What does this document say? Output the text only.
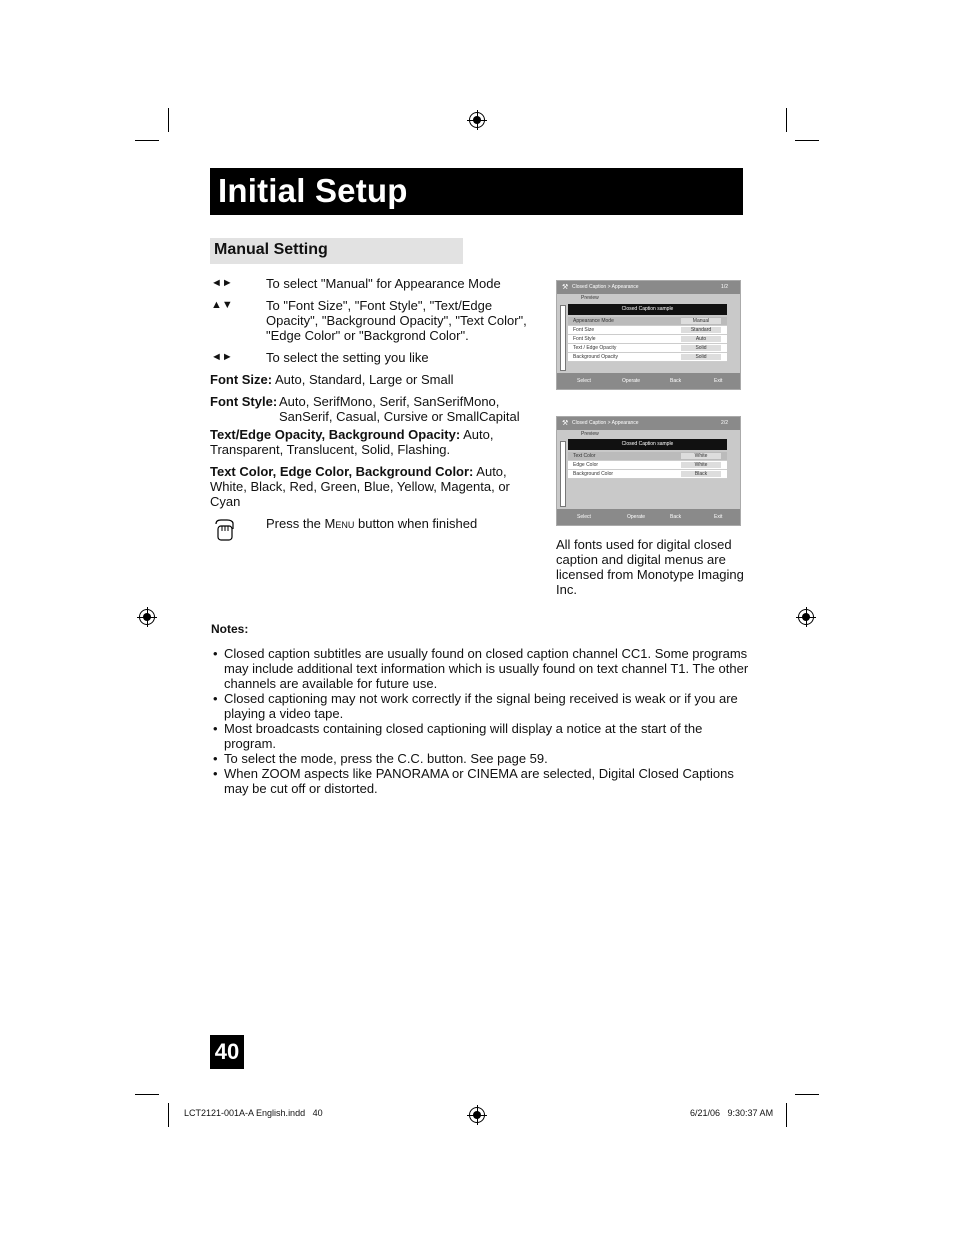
Initial Setup
Manual Setting
◄►	To select "Manual" for Appearance Mode
▲▼	To "Font Size", "Font Style", "Text/Edge Opacity", "Background Opacity", "Text Color", "Edge Color" or "Backgrond Color".
◄►	To select the setting you like
Font Size: Auto, Standard, Large or Small
Font Style: Auto, SerifMono, Serif, SanSerifMono, SanSerif, Casual, Cursive or SmallCapital
Text/Edge Opacity, Background Opacity: Auto, Transparent, Translucent, Solid, Flashing.
Text Color, Edge Color, Background Color: Auto, White, Black, Red, Green, Blue, Yellow, Magenta, or Cyan
Press the MENU button when finished
⚒ Closed Caption > Appearance	1/2
Preview
Closed Caption sample
Appearance Mode	Manual
Font Size	Standard
Font Style	Auto
Text / Edge Opacity	Solid
Background Opacity	Solid
Select	Operate	Back	Exit
⚒ Closed Caption > Appearance	2/2
Preview
Closed Caption sample
Text Color	White
Edge Color	White
Background Color	Black
Select	Operate	Back	Exit
All fonts used for digital closed caption and digital menus are licensed from Monotype Imaging Inc.
Notes:
• Closed caption subtitles are usually found on closed caption channel CC1. Some programs may include additional text information which is usually found on text channel T1. The other channels are available for future use.
• Closed captioning may not work correctly if the signal being received is weak or if you are playing a video tape.
• Most broadcasts containing closed captioning will display a notice at the start of the program.
• To select the mode, press the C.C. button. See page 59.
• When ZOOM aspects like PANORAMA or CINEMA are selected, Digital Closed Captions may be cut off or distorted.
40
LCT2121-001A-A English.indd   40	6/21/06   9:30:37 AM
